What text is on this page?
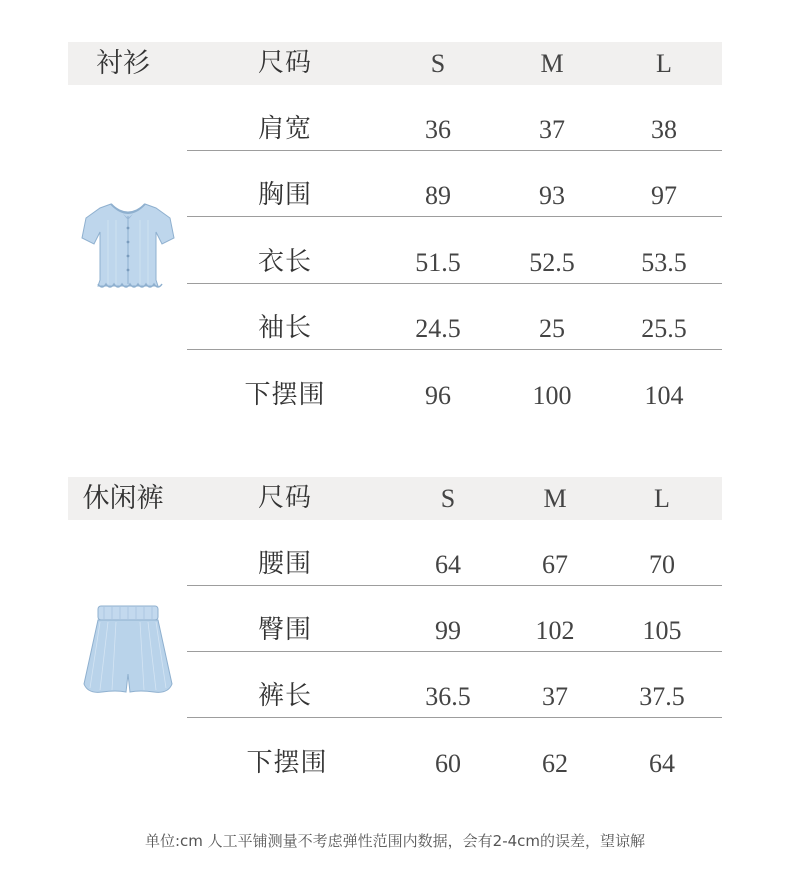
衬衫	尺码	S	M	L
肩宽	36	37	38
胸围	89	93	97
衣长	51.5	52.5	53.5
袖长	24.5	25	25.5
下摆围	96	100	104
休闲裤	尺码	S	M	L
腰围	64	67	70
臀围	99	102	105
裤长	36.5	37	37.5
下摆围	60	62	64
单位:cm 人工平铺测量不考虑弹性范围内数据，会有2-4cm的误差，望谅解
